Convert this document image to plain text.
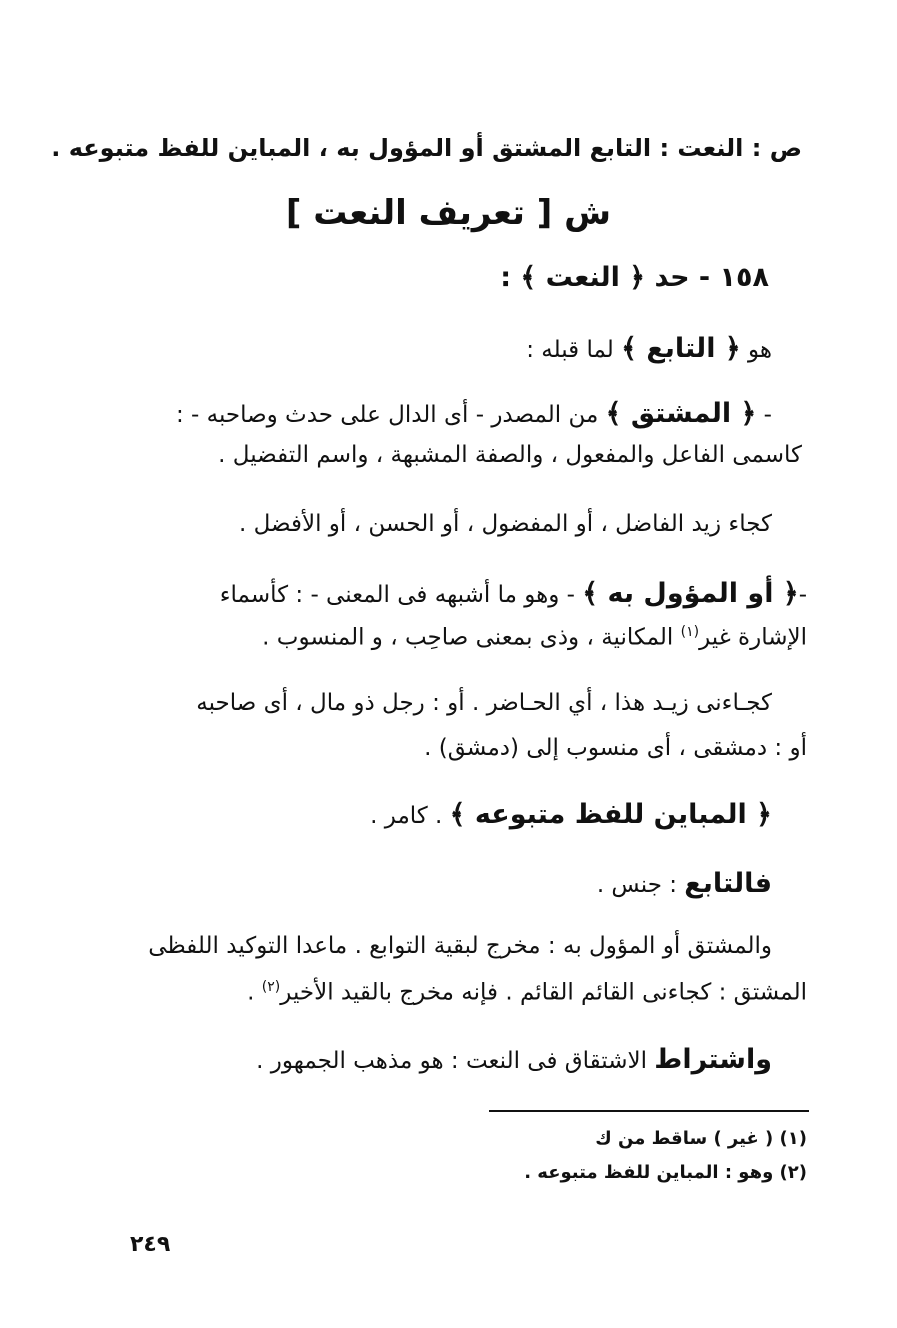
ص : النعت : التابع المشتق أو المؤول به ، المباين للفظ متبوعه .
ش [ تعريف النعت ]
١٥٨ - حد ﴿ النعت ﴾ :
هو ﴿ التابع ﴾ لما قبله :
- ﴿ المشتق ﴾ من المصدر - أى الدال على حدث وصاحبه - :
كاسمى الفاعل والمفعول ، والصفة المشبهة ، واسم التفضيل .
كجاء زيد الفاضل ، أو المفضول ، أو الحسن ، أو الأفضل .
-﴿ أو المؤول به ﴾ - وهو ما أشبهه فى المعنى - : كأسماء
الإشارة غير$^{(١)}$ المكانية ، وذى بمعنى صاحِب ، و المنسوب .
كجـاءنى زيـد هذا ، أي الحـاضر . أو : رجل ذو مال ، أى صاحبه
أو : دمشقى ، أى منسوب إلى (دمشق) .
﴿ المباين للفظ متبوعه ﴾ . كامر .
فالتابع : جنس .
والمشتق أو المؤول به : مخرج لبقية التوابع . ماعدا التوكيد اللفظى
المشتق : كجاءنى القائم القائم . فإنه مخرج بالقيد الأخير$^{(٢)}$ .
واشتراط الاشتقاق فى النعت : هو مذهب الجمهور .
(١) ( غير ) ساقط من ك
(٢) وهو : المباين للفظ متبوعه .
٢٤٩
